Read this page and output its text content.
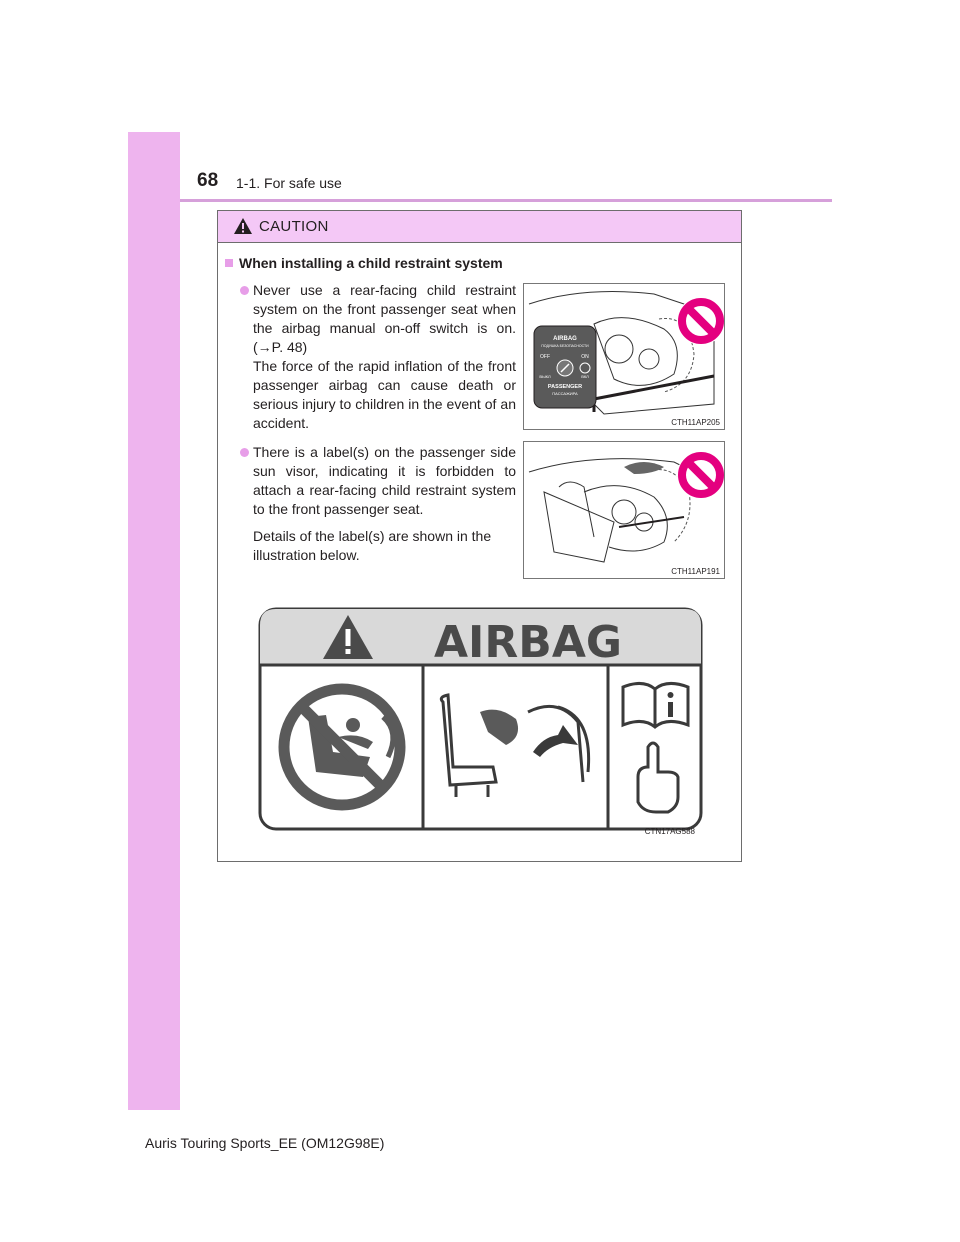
68 1-1. For safe use
CAUTION
When installing a child restraint system

Never use a rear-facing child restraint system on the front passenger seat when the airbag manual on-off switch is on. (→P. 48)

The force of the rapid inflation of the front passenger airbag can cause death or serious injury to children in the event of an accident.

There is a label(s) on the passenger side sun visor, indicating it is forbidden to attach a rear-facing child restraint system to the front passenger seat.

Details of the label(s) are shown in the illustration below.
AIRBAG
ПОДУШКА БЕЗОПАСНОСТИ
OFF	ON
ВЫКЛ	ВКЛ
PASSENGER
ПАССАЖИРА
CTH11AP205
CTH11AP191
AIRBAG
CTN17AG588
Auris Touring Sports_EE (OM12G98E)
